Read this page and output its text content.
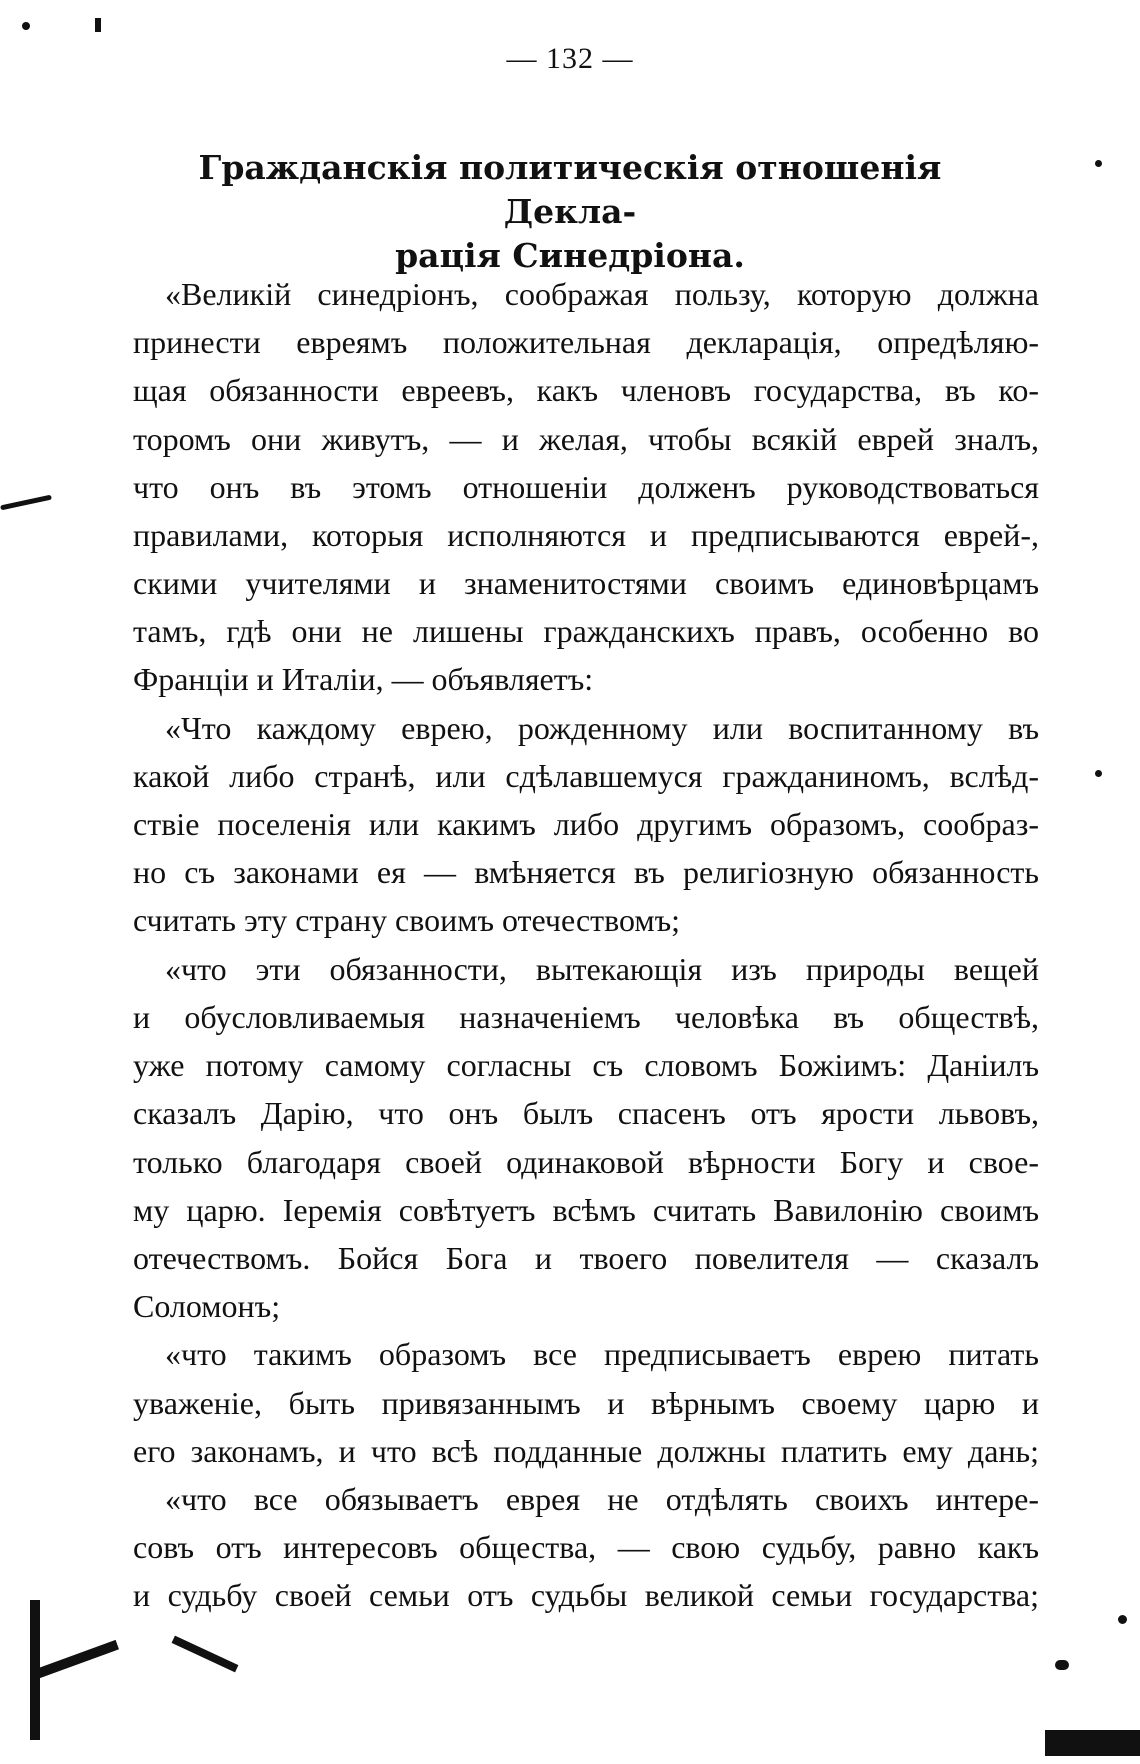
— 132 —
Гражданскія политическія отношенія Декла-
рація Синедріона.
«Великій синедріонъ, соображая пользу, которую должна
принести евреямъ положительная декларація, опредѣляю-
щая обязанности евреевъ, какъ членовъ государства, въ ко-
торомъ они живутъ, — и желая, чтобы всякій еврей зналъ,
что онъ въ этомъ отношеніи долженъ руководствоваться
правилами, которыя исполняются и предписываются еврей-,
скими учителями и знаменитостями своимъ единовѣрцамъ
тамъ, гдѣ они не лишены гражданскихъ правъ, особенно во
Франціи и Италіи, — объявляетъ:
«Что каждому еврею, рожденному или воспитанному въ
какой либо странѣ, или сдѣлавшемуся гражданиномъ, вслѣд-
ствіе поселенія или какимъ либо другимъ образомъ, сообраз-
но съ законами ея — вмѣняется въ религіозную обязанность
считать эту страну своимъ отечествомъ;
«что эти обязанности, вытекающія изъ природы вещей
и обусловливаемыя назначеніемъ человѣка въ обществѣ,
уже потому самому согласны съ словомъ Божіимъ: Даніилъ
сказалъ Дарію, что онъ былъ спасенъ отъ ярости львовъ,
только благодаря своей одинаковой вѣрности Богу и свое-
му царю. Іеремія совѣтуетъ всѣмъ считать Вавилонію своимъ
отечествомъ. Бойся Бога и твоего повелителя — сказалъ
Соломонъ;
«что такимъ образомъ все предписываетъ еврею питать
уваженіе, быть привязаннымъ и вѣрнымъ своему царю и
его законамъ, и что всѣ подданные должны платить ему дань;
«что все обязываетъ еврея не отдѣлять своихъ интере-
совъ отъ интересовъ общества, — свою судьбу, равно какъ
и судьбу своей семьи отъ судьбы великой семьи государства;
